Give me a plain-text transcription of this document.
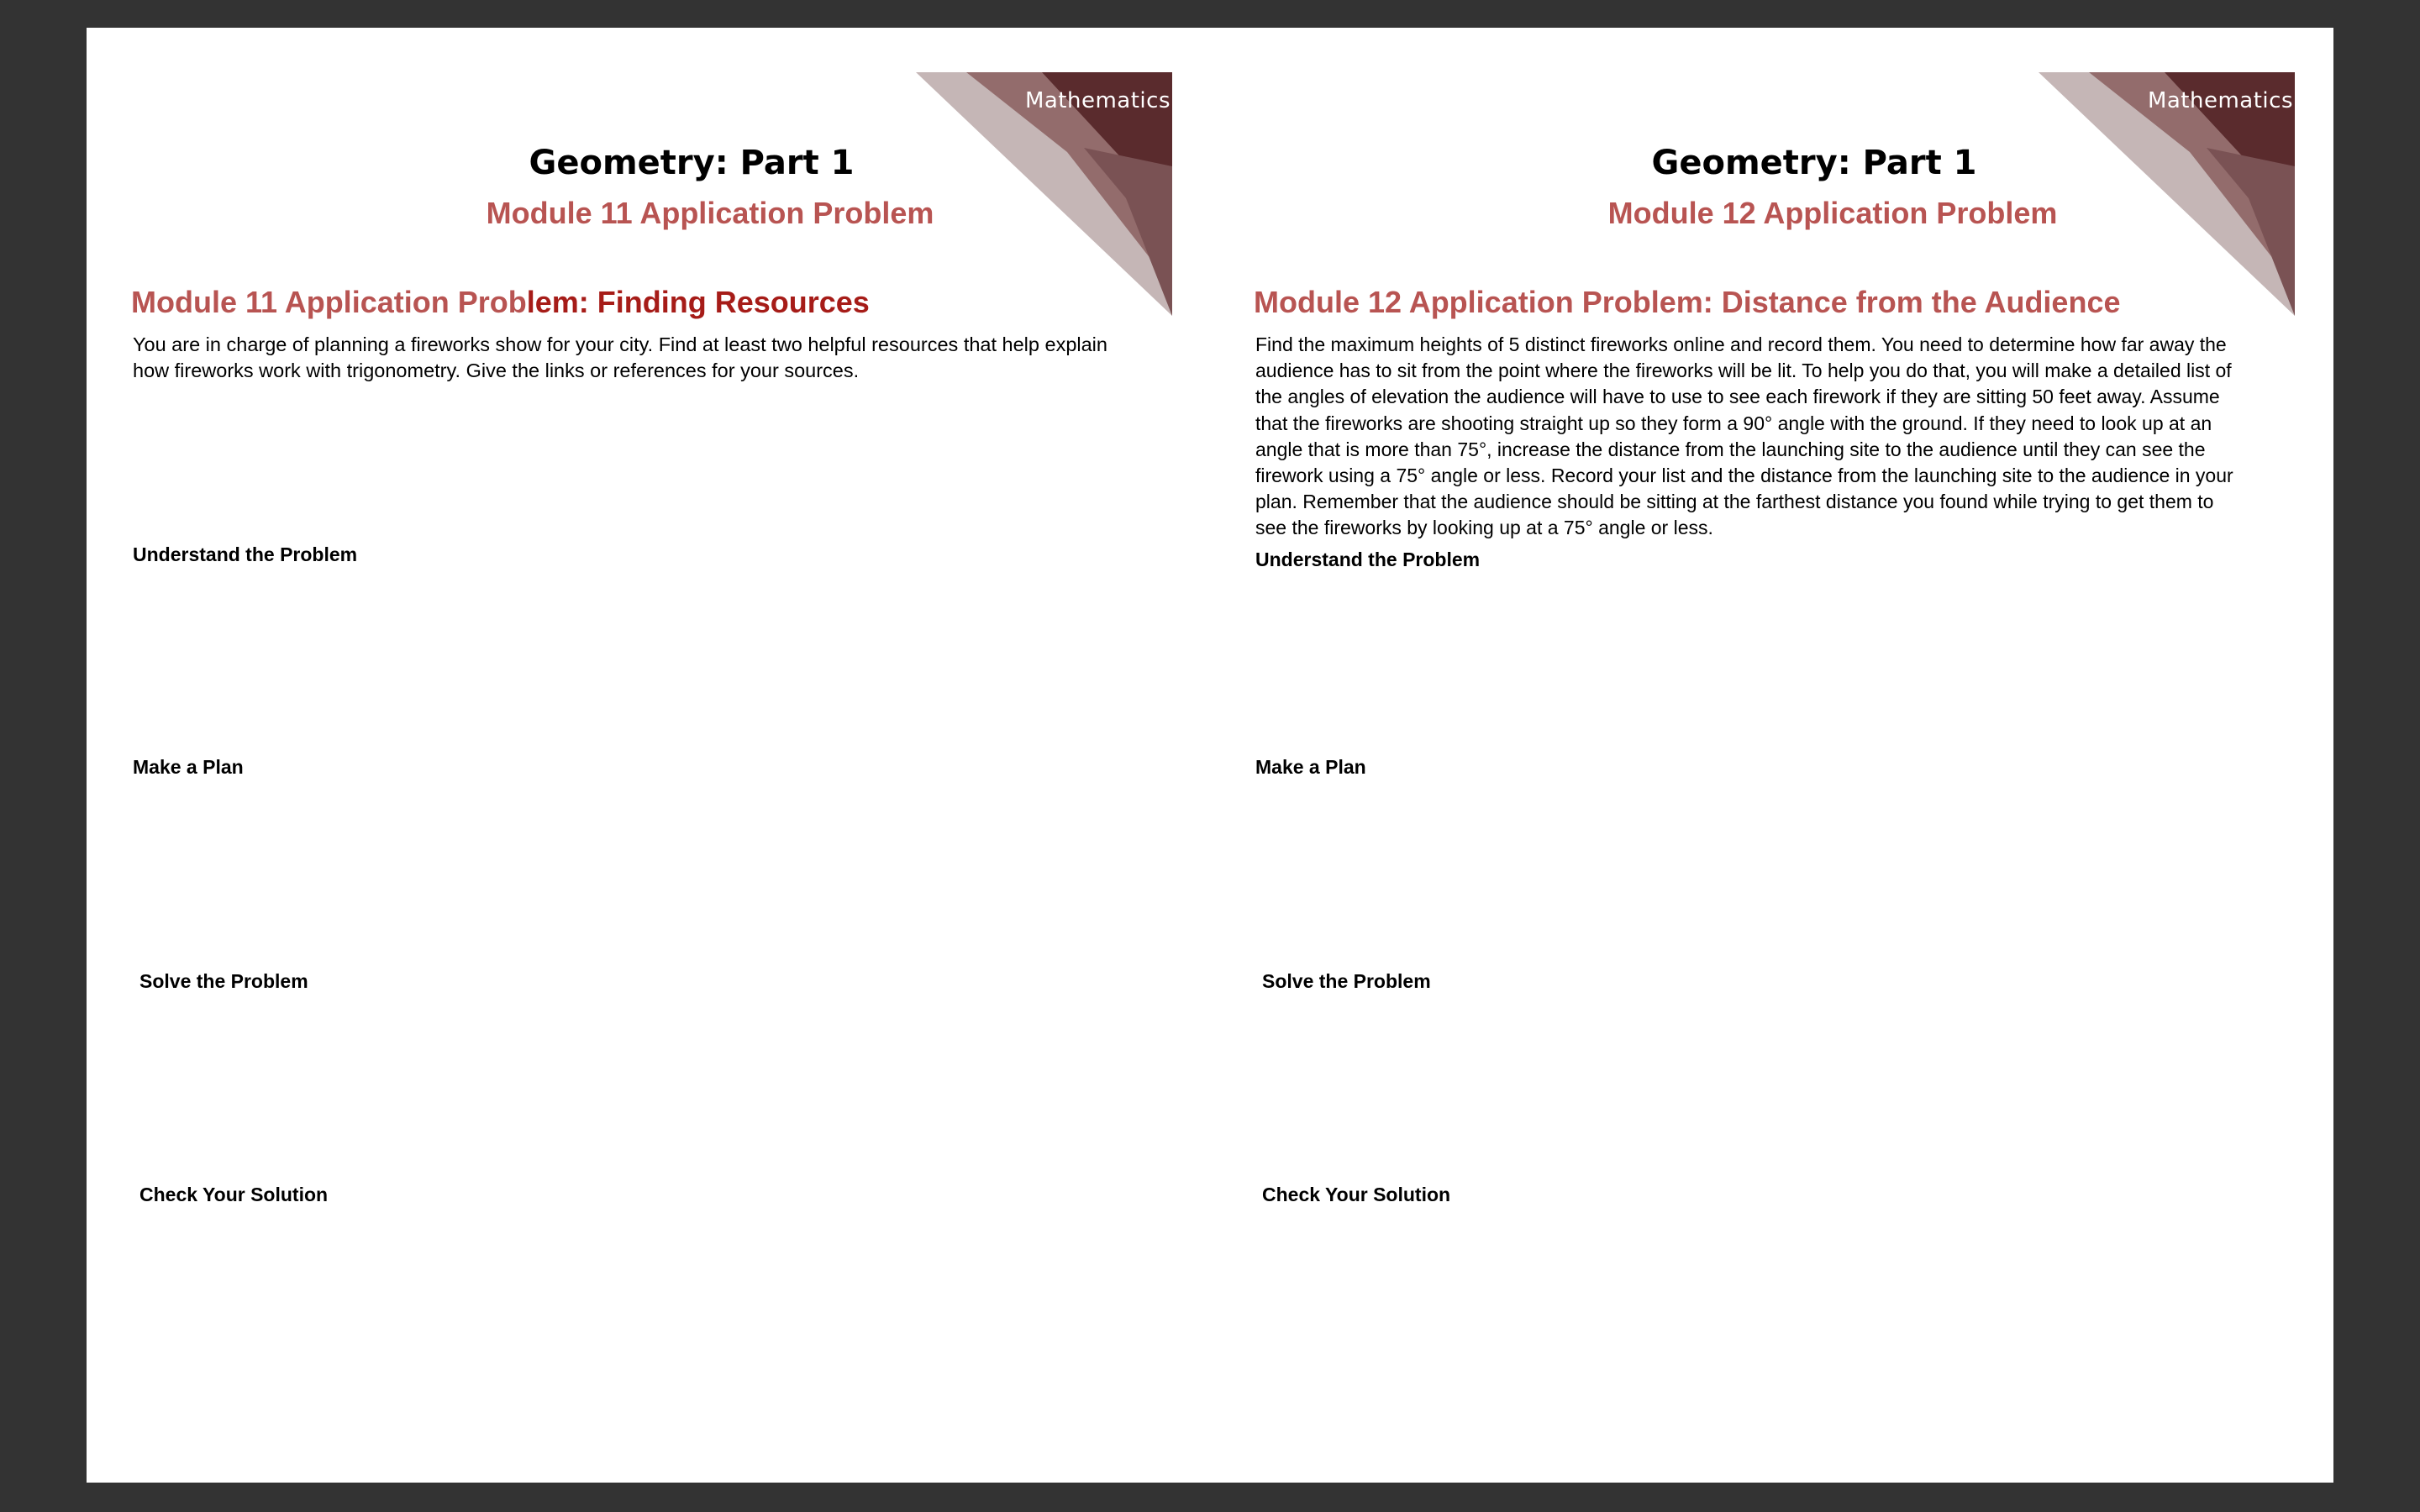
Mathematics
Geometry: Part 1
Module 11 Application Problem
Module 11 Application Problem: Finding Resources
You are in charge of planning a fireworks show for your city. Find at least two helpful resources that help explain how fireworks work with trigonometry. Give the links or references for your sources.
Understand the Problem
Make a Plan
Solve the Problem
Check Your Solution
Mathematics
Geometry: Part 1
Module 12 Application Problem
Module 12 Application Problem: Distance from the Audience
Find the maximum heights of 5 distinct fireworks online and record them. You need to determine how far away the audience has to sit from the point where the fireworks will be lit. To help you do that, you will make a detailed list of the angles of elevation the audience will have to use to see each firework if they are sitting 50 feet away. Assume that the fireworks are shooting straight up so they form a 90° angle with the ground. If they need to look up at an angle that is more than 75°, increase the distance from the launching site to the audience until they can see the firework using a 75° angle or less. Record your list and the distance from the launching site to the audience in your plan. Remember that the audience should be sitting at the farthest distance you found while trying to get them to see the fireworks by looking up at a 75° angle or less.
Understand the Problem
Make a Plan
Solve the Problem
Check Your Solution
